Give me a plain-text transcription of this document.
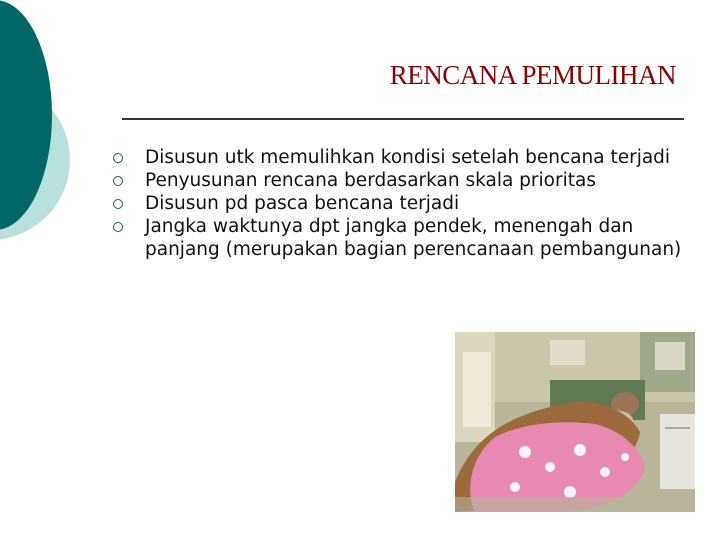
RENCANA PEMULIHAN
Disusun utk memulihkan kondisi setelah bencana terjadi
Penyusunan rencana berdasarkan skala prioritas
Disusun pd pasca bencana terjadi
Jangka waktunya dpt jangka pendek, menengah dan panjang (merupakan bagian perencanaan pembangunan)
